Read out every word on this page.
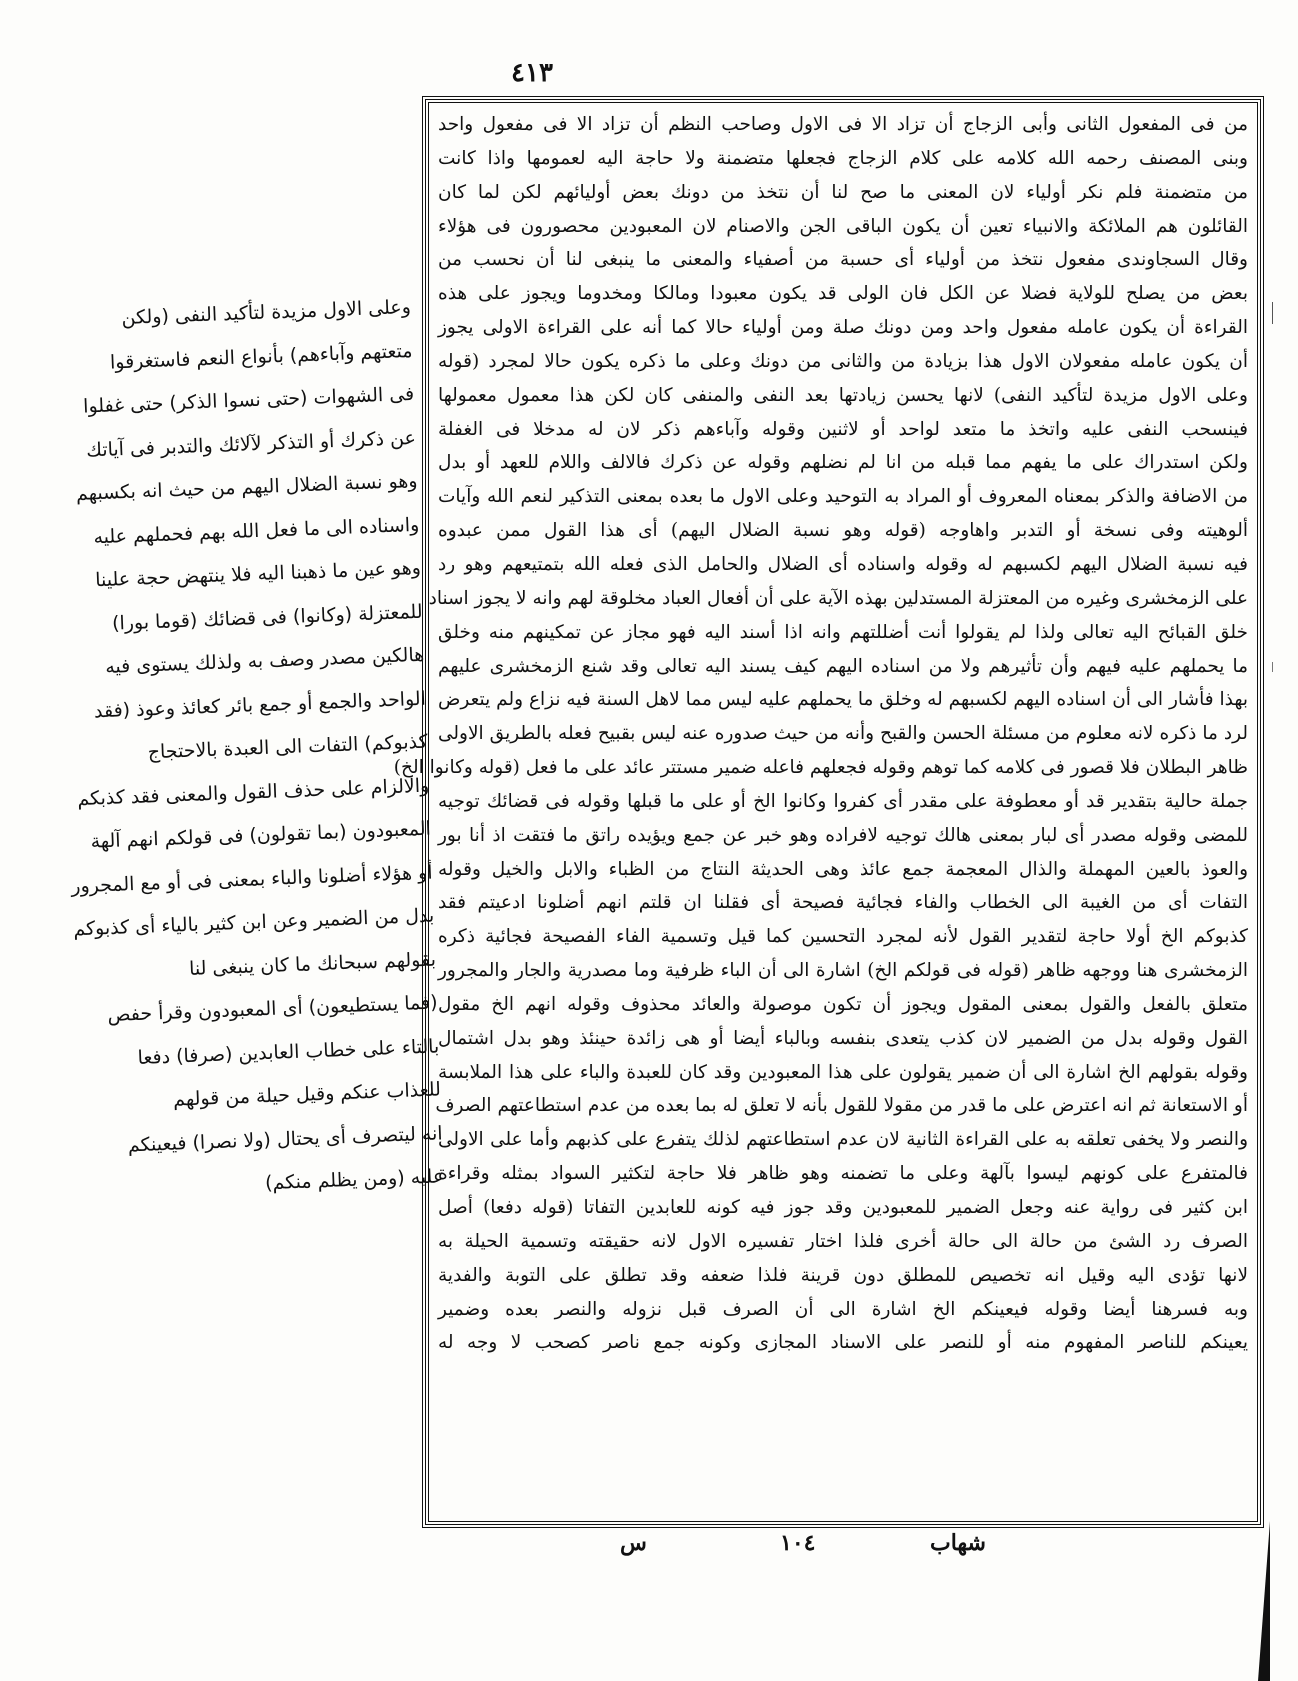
٤١٣
من فى المفعول الثانى وأبى الزجاج أن تزاد الا فى الاول وصاحب النظم أن تزاد الا فى مفعول واحد
وبنى المصنف رحمه الله كلامه على كلام الزجاج فجعلها متضمنة ولا حاجة اليه لعمومها واذا كانت
من متضمنة فلم نكر أولياء لان المعنى ما صح لنا أن نتخذ من دونك بعض أوليائهم لكن لما كان
القائلون هم الملائكة والانبياء تعين أن يكون الباقى الجن والاصنام لان المعبودين محصورون فى هؤلاء
وقال السجاوندى مفعول نتخذ من أولياء أى حسبة من أصفياء والمعنى ما ينبغى لنا أن نحسب من
بعض من يصلح للولاية فضلا عن الكل فان الولى قد يكون معبودا ومالكا ومخدوما ويجوز على هذه
القراءة أن يكون عامله مفعول واحد ومن دونك صلة ومن أولياء حالا كما أنه على القراءة الاولى يجوز
أن يكون عامله مفعولان الاول هذا بزيادة من والثانى من دونك وعلى ما ذكره يكون حالا لمجرد (قوله
وعلى الاول مزيدة لتأكيد النفى) لانها يحسن زيادتها بعد النفى والمنفى كان لكن هذا معمول معمولها
فينسحب النفى عليه واتخذ ما متعد لواحد أو لاثنين وقوله وآباءهم ذكر لان له مدخلا فى الغفلة
ولكن استدراك على ما يفهم مما قبله من انا لم نضلهم وقوله عن ذكرك فالالف واللام للعهد أو بدل
من الاضافة والذكر بمعناه المعروف أو المراد به التوحيد وعلى الاول ما بعده بمعنى التذكير لنعم الله وآيات
ألوهيته وفى نسخة أو التدبر واهاوجه (قوله وهو نسبة الضلال اليهم) أى هذا القول ممن عبدوه
فيه نسبة الضلال اليهم لكسبهم له وقوله واسناده أى الضلال والحامل الذى فعله الله بتمتيعهم وهو رد
على الزمخشرى وغيره من المعتزلة المستدلين بهذه الآية على أن أفعال العباد مخلوقة لهم وانه لا يجوز اسناد
خلق القبائح اليه تعالى ولذا لم يقولوا أنت أضللتهم وانه اذا أسند اليه فهو مجاز عن تمكينهم منه وخلق
ما يحملهم عليه فيهم وأن تأثيرهم ولا من اسناده اليهم كيف يسند اليه تعالى وقد شنع الزمخشرى عليهم
بهذا فأشار الى أن اسناده اليهم لكسبهم له وخلق ما يحملهم عليه ليس مما لاهل السنة فيه نزاع ولم يتعرض
لرد ما ذكره لانه معلوم من مسئلة الحسن والقبح وأنه من حيث صدوره عنه ليس بقبيح فعله بالطريق الاولى
ظاهر البطلان فلا قصور فى كلامه كما توهم وقوله فجعلهم فاعله ضمير مستتر عائد على ما فعل (قوله وكانوا الخ)
جملة حالية بتقدير قد أو معطوفة على مقدر أى كفروا وكانوا الخ أو على ما قبلها وقوله فى قضائك توجيه
للمضى وقوله مصدر أى لبار بمعنى هالك توجيه لافراده وهو خبر عن جمع ويؤيده راتق ما فتقت اذ أنا بور
والعوذ بالعين المهملة والذال المعجمة جمع عائذ وهى الحديثة النتاج من الظباء والابل والخيل وقوله
التفات أى من الغيبة الى الخطاب والفاء فجائية فصيحة أى فقلنا ان قلتم انهم أضلونا ادعيتم فقد
كذبوكم الخ أولا حاجة لتقدير القول لأنه لمجرد التحسين كما قيل وتسمية الفاء الفصيحة فجائية ذكره
الزمخشرى هنا ووجهه ظاهر (قوله فى قولكم الخ) اشارة الى أن الباء ظرفية وما مصدرية والجار والمجرور
متعلق بالفعل والقول بمعنى المقول ويجوز أن تكون موصولة والعائد محذوف وقوله انهم الخ مقول
القول وقوله بدل من الضمير لان كذب يتعدى بنفسه وبالباء أيضا أو هى زائدة حينئذ وهو بدل اشتمال
وقوله بقولهم الخ اشارة الى أن ضمير يقولون على هذا المعبودين وقد كان للعبدة والباء على هذا الملابسة
أو الاستعانة ثم انه اعترض على ما قدر من مقولا للقول بأنه لا تعلق له بما بعده من عدم استطاعتهم الصرف
والنصر ولا يخفى تعلقه به على القراءة الثانية لان عدم استطاعتهم لذلك يتفرع على كذبهم وأما على الاولى
فالمتفرع على كونهم ليسوا بآلهة وعلى ما تضمنه وهو ظاهر فلا حاجة لتكثير السواد بمثله وقراءة
ابن كثير فى رواية عنه وجعل الضمير للمعبودين وقد جوز فيه كونه للعابدين التفاتا (قوله دفعا) أصل
الصرف رد الشئ من حالة الى حالة أخرى فلذا اختار تفسيره الاول لانه حقيقته وتسمية الحيلة به
لانها تؤدى اليه وقيل انه تخصيص للمطلق دون قرينة فلذا ضعفه وقد تطلق على التوبة والفدية
وبه فسرهنا أيضا وقوله فيعينكم الخ اشارة الى أن الصرف قبل نزوله والنصر بعده وضمير
يعينكم للناصر المفهوم منه أو للنصر على الاسناد المجازى وكونه جمع ناصر كصحب لا وجه له
وعلى الاول مزيدة لتأكيد النفى (ولكن
متعتهم وآباءهم) بأنواع النعم فاستغرقوا
فى الشهوات (حتى نسوا الذكر) حتى غفلوا
عن ذكرك أو التذكر لآلائك والتدبر فى آياتك
وهو نسبة الضلال اليهم من حيث انه بكسبهم
واسناده الى ما فعل الله بهم فحملهم عليه
وهو عين ما ذهبنا اليه فلا ينتهض حجة علينا
للمعتزلة (وكانوا) فى قضائك (قوما بورا)
هالكين مصدر وصف به ولذلك يستوى فيه
الواحد والجمع أو جمع بائر كعائذ وعوذ (فقد
كذبوكم) التفات الى العبدة بالاحتجاج
والالزام على حذف القول والمعنى فقد كذبكم
المعبودون (بما تقولون) فى قولكم انهم آلهة
أو هؤلاء أضلونا والباء بمعنى فى أو مع المجرور
بدل من الضمير وعن ابن كثير بالياء أى كذبوكم
بقولهم سبحانك ما كان ينبغى لنا
(فما يستطيعون) أى المعبودون وقرأ حفص
بالتاء على خطاب العابدين (صرفا) دفعا
للعذاب عنكم وقيل حيلة من قولهم
انه ليتصرف أى يحتال (ولا نصرا) فيعينكم
عليه (ومن يظلم منكم)
١٠٤	شهاب
س
